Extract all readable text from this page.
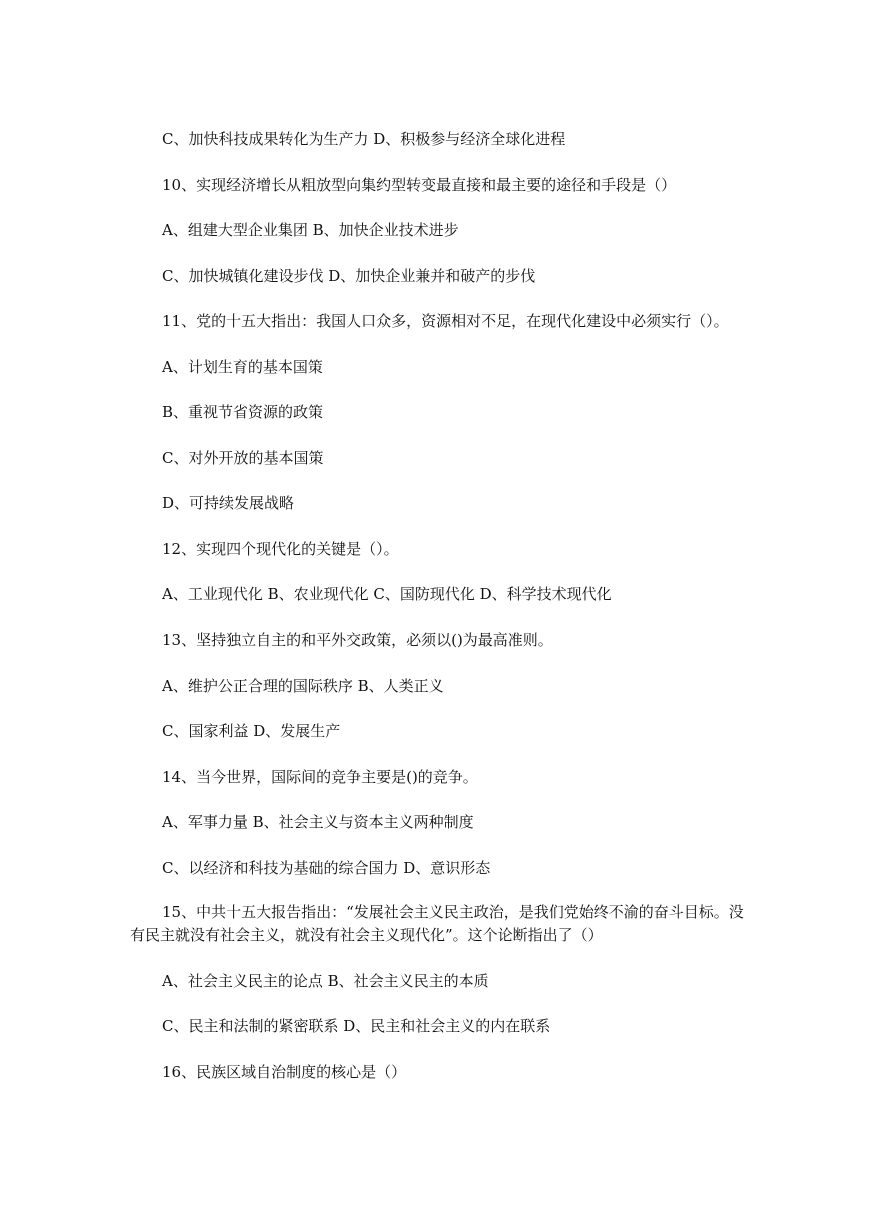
C、加快科技成果转化为生产力 D、积极参与经济全球化进程

10、实现经济增长从粗放型向集约型转变最直接和最主要的途径和手段是（）

A、组建大型企业集团 B、加快企业技术进步

C、加快城镇化建设步伐 D、加快企业兼并和破产的步伐

11、党的十五大指出：我国人口众多，资源相对不足，在现代化建设中必须实行（）。

A、计划生育的基本国策

B、重视节省资源的政策

C、对外开放的基本国策

D、可持续发展战略

12、实现四个现代化的关键是（）。

A、工业现代化 B、农业现代化 C、国防现代化 D、科学技术现代化

13、坚持独立自主的和平外交政策，必须以()为最高准则。

A、维护公正合理的国际秩序 B、人类正义

C、国家利益 D、发展生产

14、当今世界，国际间的竞争主要是()的竞争。

A、军事力量 B、社会主义与资本主义两种制度

C、以经济和科技为基础的综合国力 D、意识形态

15、中共十五大报告指出：“发展社会主义民主政治，是我们党始终不渝的奋斗目标。没有民主就没有社会主义，就没有社会主义现代化”。这个论断指出了（）

A、社会主义民主的论点 B、社会主义民主的本质

C、民主和法制的紧密联系 D、民主和社会主义的内在联系

16、民族区域自治制度的核心是（）
